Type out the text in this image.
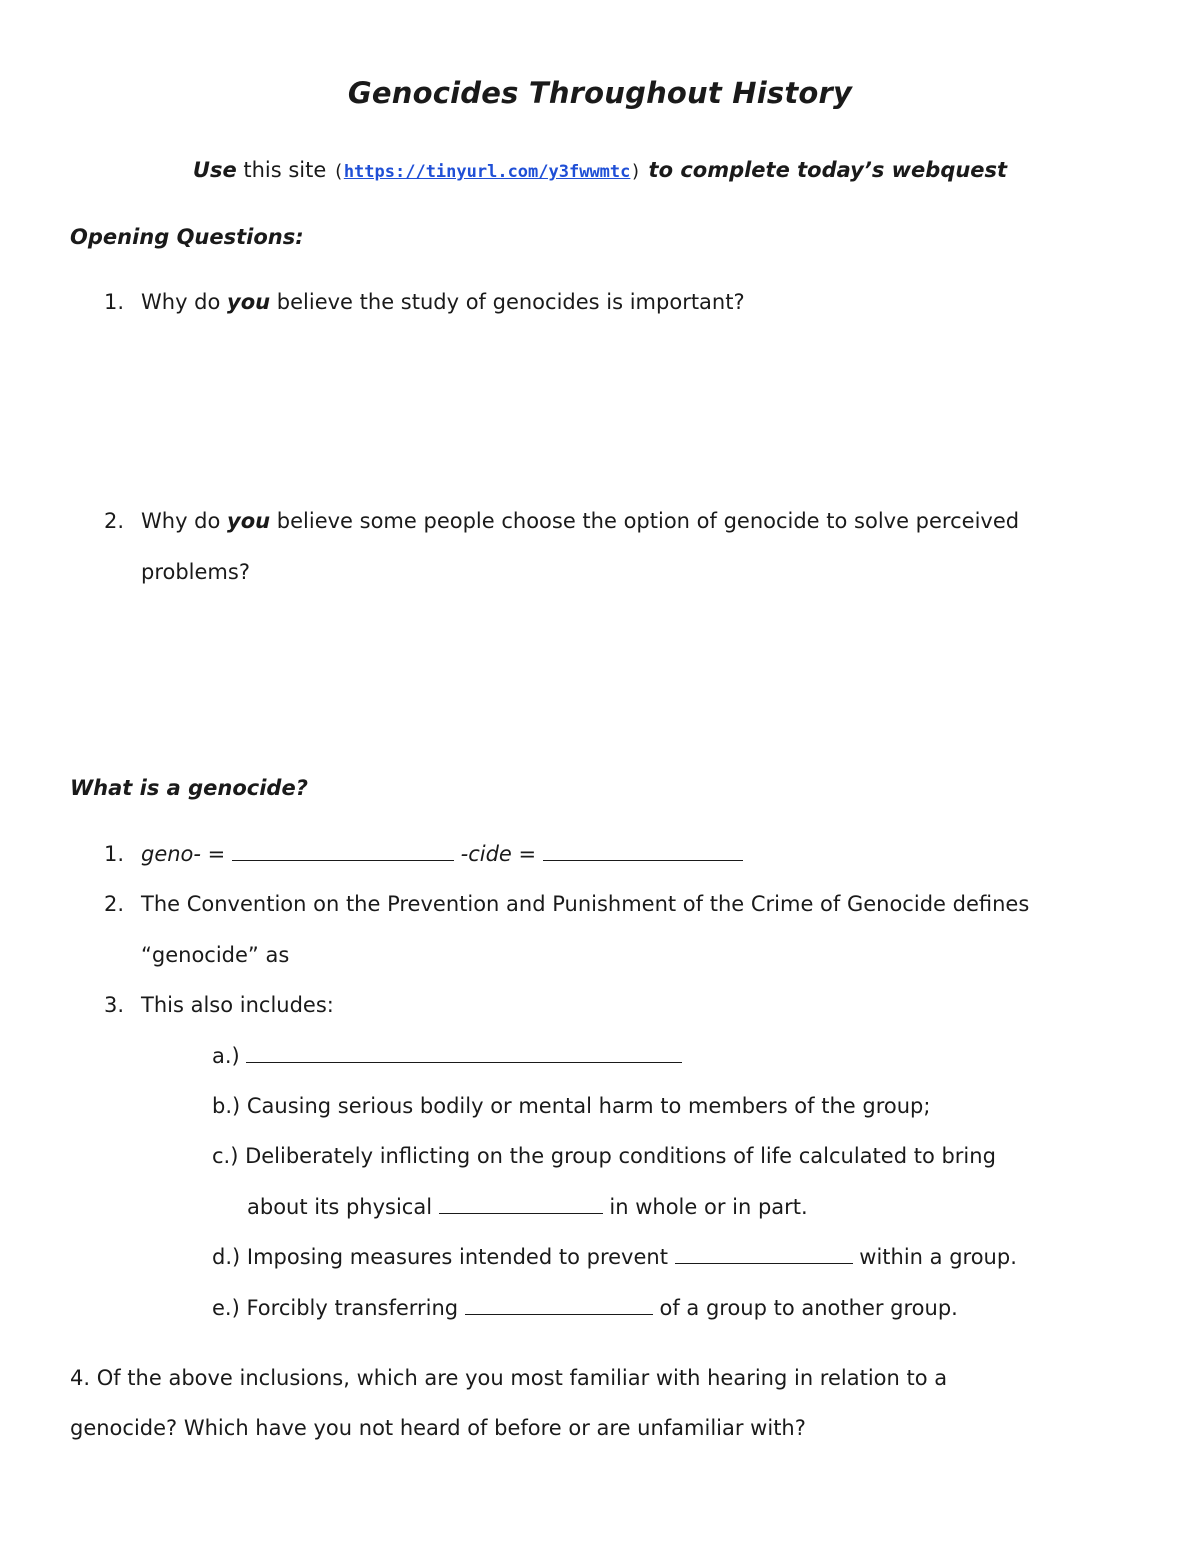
Genocides Throughout History
Use this site (https://tinyurl.com/y3fwwmtc) to complete today’s webquest
Opening Questions:
1. Why do you believe the study of genocides is important?
2. Why do you believe some people choose the option of genocide to solve perceived
problems?
What is a genocide?
1. geno- =	-cide =
2. The Convention on the Prevention and Punishment of the Crime of Genocide defines
“genocide” as
3. This also includes:
a.)
b.) Causing serious bodily or mental harm to members of the group;
c.) Deliberately inflicting on the group conditions of life calculated to bring
about its physical	in whole or in part.
d.) Imposing measures intended to prevent	within a group.
e.) Forcibly transferring	of a group to another group.
4. Of the above inclusions, which are you most familiar with hearing in relation to a
genocide? Which have you not heard of before or are unfamiliar with?
